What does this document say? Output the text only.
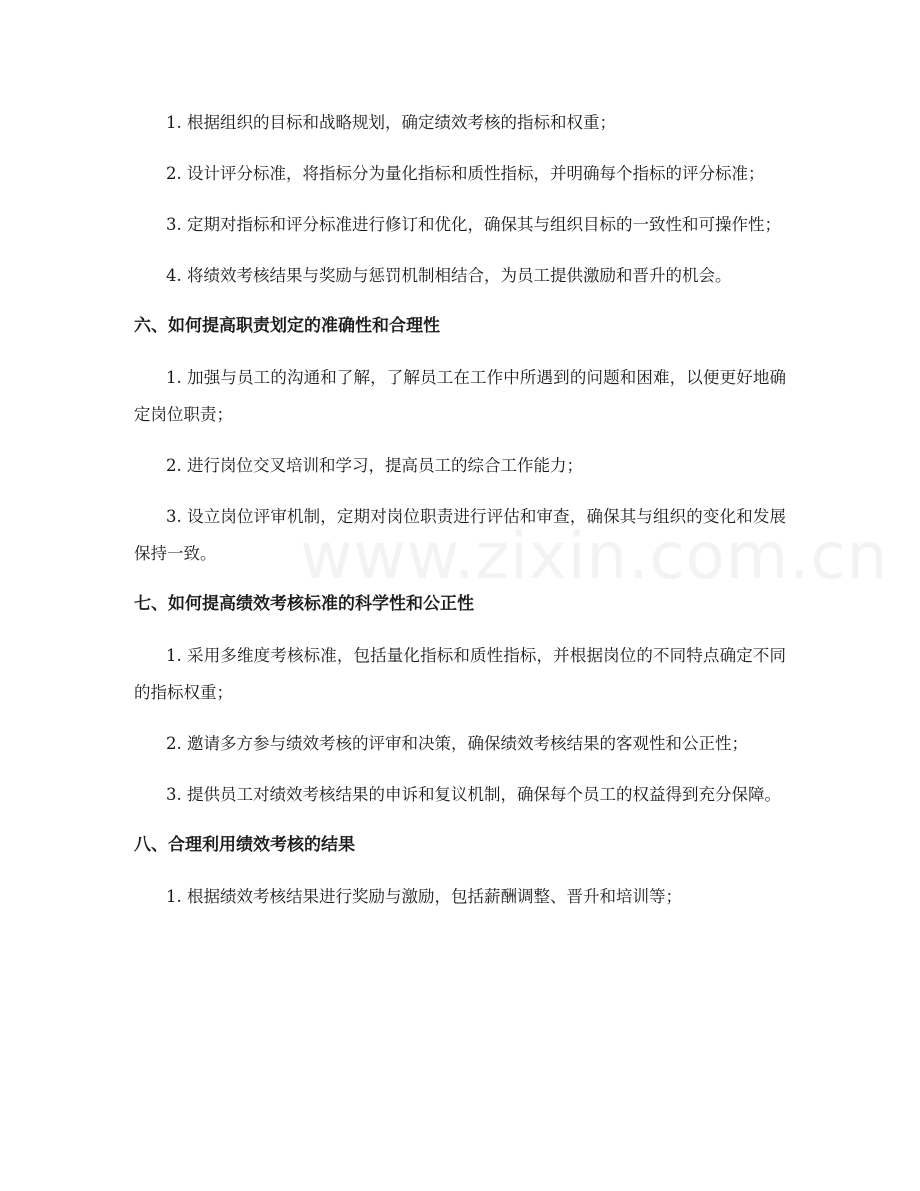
www.zixin.com.cn

1. 根据组织的目标和战略规划，确定绩效考核的指标和权重；

2. 设计评分标准，将指标分为量化指标和质性指标，并明确每个指标的评分标准；

3. 定期对指标和评分标准进行修订和优化，确保其与组织目标的一致性和可操作性；

4. 将绩效考核结果与奖励与惩罚机制相结合，为员工提供激励和晋升的机会。

六、如何提高职责划定的准确性和合理性

1. 加强与员工的沟通和了解，了解员工在工作中所遇到的问题和困难，以便更好地确定岗位职责；

2. 进行岗位交叉培训和学习，提高员工的综合工作能力；

3. 设立岗位评审机制，定期对岗位职责进行评估和审查，确保其与组织的变化和发展保持一致。

七、如何提高绩效考核标准的科学性和公正性

1. 采用多维度考核标准，包括量化指标和质性指标，并根据岗位的不同特点确定不同的指标权重；

2. 邀请多方参与绩效考核的评审和决策，确保绩效考核结果的客观性和公正性；

3. 提供员工对绩效考核结果的申诉和复议机制，确保每个员工的权益得到充分保障。

八、合理利用绩效考核的结果

1. 根据绩效考核结果进行奖励与激励，包括薪酬调整、晋升和培训等；
